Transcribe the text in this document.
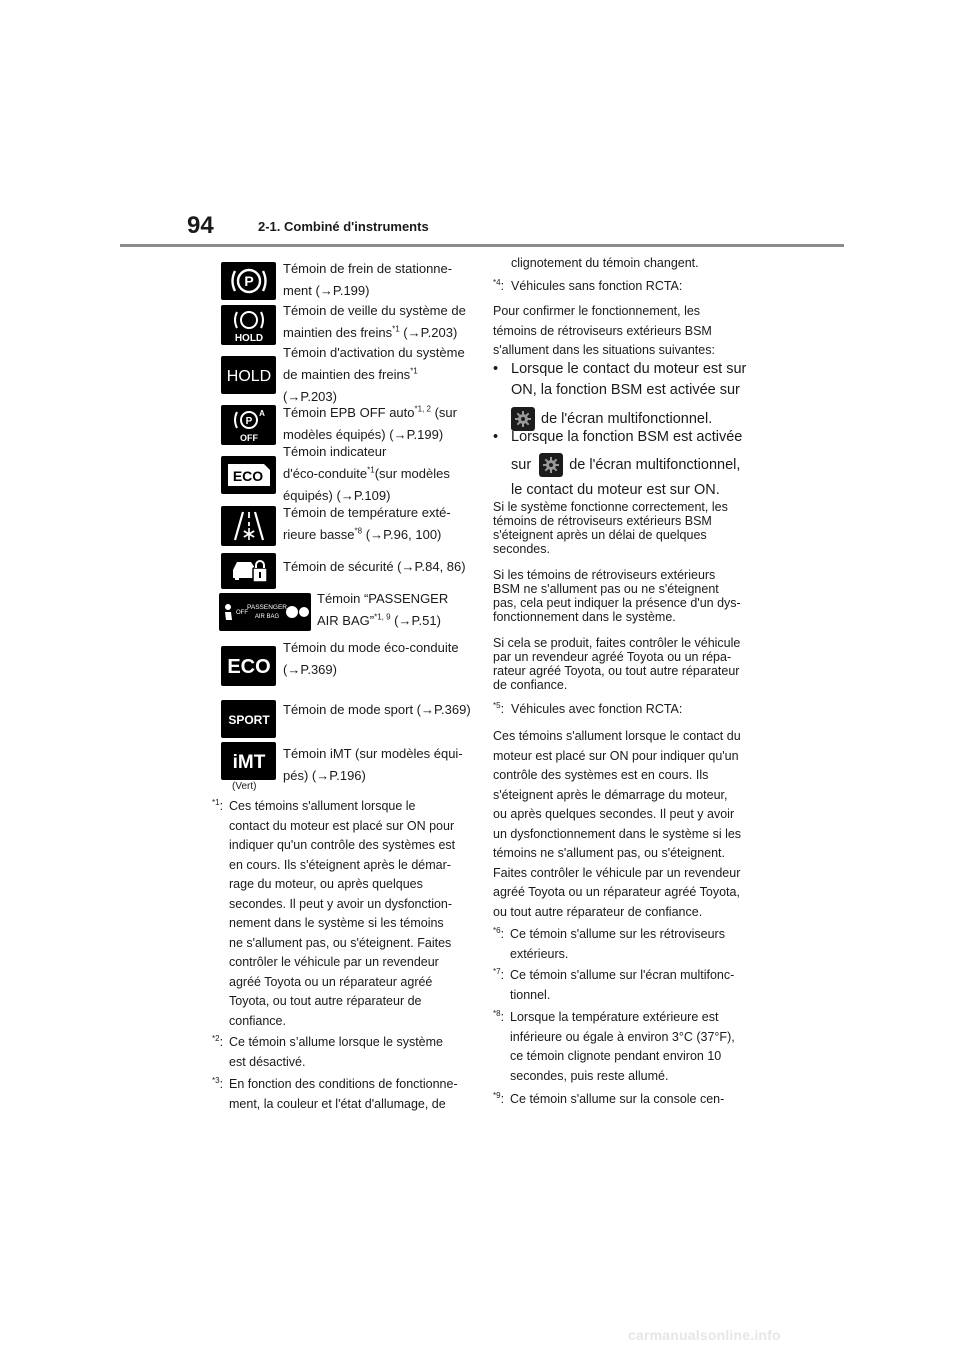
94	2-1. Combiné d'instruments
P
Témoin de frein de stationne-
ment (→P.199)
HOLD
Témoin de veille du système de
maintien des freins$^{*1}$ (→P.203)
HOLD
Témoin d'activation du système
de maintien des freins$^{*1}$
(→P.203)
P
A
OFF
Témoin EPB OFF auto$^{*1, 2}$ (sur
modèles équipés) (→P.199)
ECO
Témoin indicateur
d'éco-conduite$^{*1}$(sur modèles
équipés) (→P.109)
Témoin de température exté-
rieure basse$^{*8}$ (→P.96, 100)
Témoin de sécurité (→P.84, 86)
OFF
PASSENGER
AIR BAG
Témoin “PASSENGER
AIR BAG”$^{*1, 9}$ (→P.51)
ECO
Témoin du mode éco-conduite
(→P.369)
SPORT
Témoin de mode sport (→P.369)
iMT
(Vert)
Témoin iMT (sur modèles équi-
pés) (→P.196)
$^{*1}$: Ces témoins s'allument lorsque le
contact du moteur est placé sur ON pour
indiquer qu'un contrôle des systèmes est
en cours. Ils s'éteignent après le démar-
rage du moteur, ou après quelques
secondes. Il peut y avoir un dysfonction-
nement dans le système si les témoins
ne s'allument pas, ou s'éteignent. Faites
contrôler le véhicule par un revendeur
agréé Toyota ou un réparateur agréé
Toyota, ou tout autre réparateur de
confiance.
$^{*2}$: Ce témoin s’allume lorsque le système
est désactivé.
$^{*3}$: En fonction des conditions de fonctionne-
ment, la couleur et l'état d'allumage, de
clignotement du témoin changent.
$^{*4}$:  Véhicules sans fonction RCTA:
Pour confirmer le fonctionnement, les
témoins de rétroviseurs extérieurs BSM
s'allument dans les situations suivantes:
• Lorsque le contact du moteur est sur
ON, la fonction BSM est activée sur
de l'écran multifonctionnel.
• Lorsque la fonction BSM est activée
sur	de l'écran multifonctionnel,
le contact du moteur est sur ON.
Si le système fonctionne correctement, les
témoins de rétroviseurs extérieurs BSM
s'éteignent après un délai de quelques
secondes.
Si les témoins de rétroviseurs extérieurs
BSM ne s'allument pas ou ne s'éteignent
pas, cela peut indiquer la présence d'un dys-
fonctionnement dans le système.
Si cela se produit, faites contrôler le véhicule
par un revendeur agréé Toyota ou un répa-
rateur agréé Toyota, ou tout autre réparateur
de confiance.
$^{*5}$:  Véhicules avec fonction RCTA:
Ces témoins s'allument lorsque le contact du
moteur est placé sur ON pour indiquer qu'un
contrôle des systèmes est en cours. Ils
s'éteignent après le démarrage du moteur,
ou après quelques secondes. Il peut y avoir
un dysfonctionnement dans le système si les
témoins ne s'allument pas, ou s'éteignent.
Faites contrôler le véhicule par un revendeur
agréé Toyota ou un réparateur agréé Toyota,
ou tout autre réparateur de confiance.
$^{*6}$: Ce témoin s'allume sur les rétroviseurs
extérieurs.
$^{*7}$: Ce témoin s'allume sur l'écran multifonc-
tionnel.
$^{*8}$: Lorsque la température extérieure est
inférieure ou égale à environ 3°C (37°F),
ce témoin clignote pendant environ 10
secondes, puis reste allumé.
$^{*9}$: Ce témoin s'allume sur la console cen-
carmanualsonline.info
